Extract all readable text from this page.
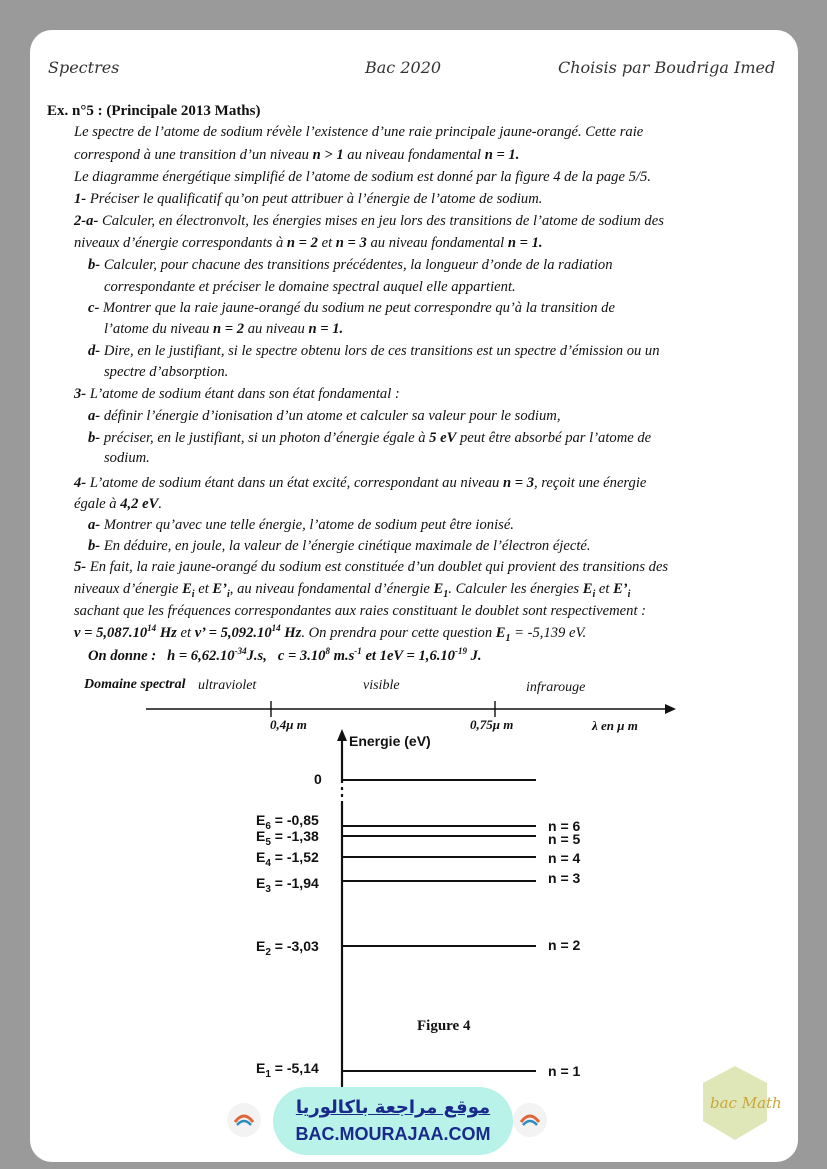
Spectres	Bac 2020	Choisis par Boudriga Imed
Ex. n°5 : (Principale 2013 Maths)
Le spectre de l’atome de sodium révèle l’existence d’une raie principale jaune-orangé. Cette raie
correspond à une transition d’un niveau n > 1 au niveau fondamental n = 1.
Le diagramme énergétique simplifié de l’atome de sodium est donné par la figure 4 de la page 5/5.
1- Préciser le qualificatif qu’on peut attribuer à l’énergie de l’atome de sodium.
2-a- Calculer, en électronvolt, les énergies mises en jeu lors des transitions de l’atome de sodium des
niveaux d’énergie correspondants à n = 2 et n = 3 au niveau fondamental n = 1.
b- Calculer, pour chacune des transitions précédentes, la longueur d’onde de la radiation
correspondante et préciser le domaine spectral auquel elle appartient.
c- Montrer que la raie jaune-orangé du sodium ne peut correspondre qu’à la transition de
l’atome du niveau n = 2 au niveau n = 1.
d- Dire, en le justifiant, si le spectre obtenu lors de ces transitions est un spectre d’émission ou un
spectre d’absorption.
3- L’atome de sodium étant dans son état fondamental :
a- définir l’énergie d’ionisation d’un atome et calculer sa valeur pour le sodium,
b- préciser, en le justifiant, si un photon d’énergie égale à 5 eV peut être absorbé par l’atome de
sodium.
4- L’atome de sodium étant dans un état excité, correspondant au niveau n = 3, reçoit une énergie
égale à 4,2 eV.
a- Montrer qu’avec une telle énergie, l’atome de sodium peut être ionisé.
b- En déduire, en joule, la valeur de l’énergie cinétique maximale de l’électron éjecté.
5- En fait, la raie jaune-orangé du sodium est constituée d’un doublet qui provient des transitions des
niveaux d’énergie $E_i$ et $E’_i$, au niveau fondamental d’énergie $E_1$. Calculer les énergies $E_i$ et $E’_i$
sachant que les fréquences correspondantes aux raies constituant le doublet sont respectivement :
$\nu = 5,087.10^{14}$ Hz et ν’ = $5,092.10^{14}$ Hz. On prendra pour cette question $E_1 = -5,139$ eV.
On donne : $h = 6,62.10^{-34}J.s$, $c = 3.10^8$ $m.s^{-1}$ et $1eV = 1,6.10^{-19}$ J.
Domaine spectral ultraviolet	visible	infrarouge
0,4μ m	0,75μ m	λ en μ m
Energie (eV)
0
$E_6 = -0,85$	n = 6
$E_5 = -1,38$	n = 5
$E_4 = -1,52$	n = 4
$E_3 = -1,94$	n = 3
$E_2 = -3,03$	n = 2
$E_1 = -5,14$	n = 1
Figure 4
موقع مراجعة باكالوريا
BAC.MOURAJAA.COM
bac Math
